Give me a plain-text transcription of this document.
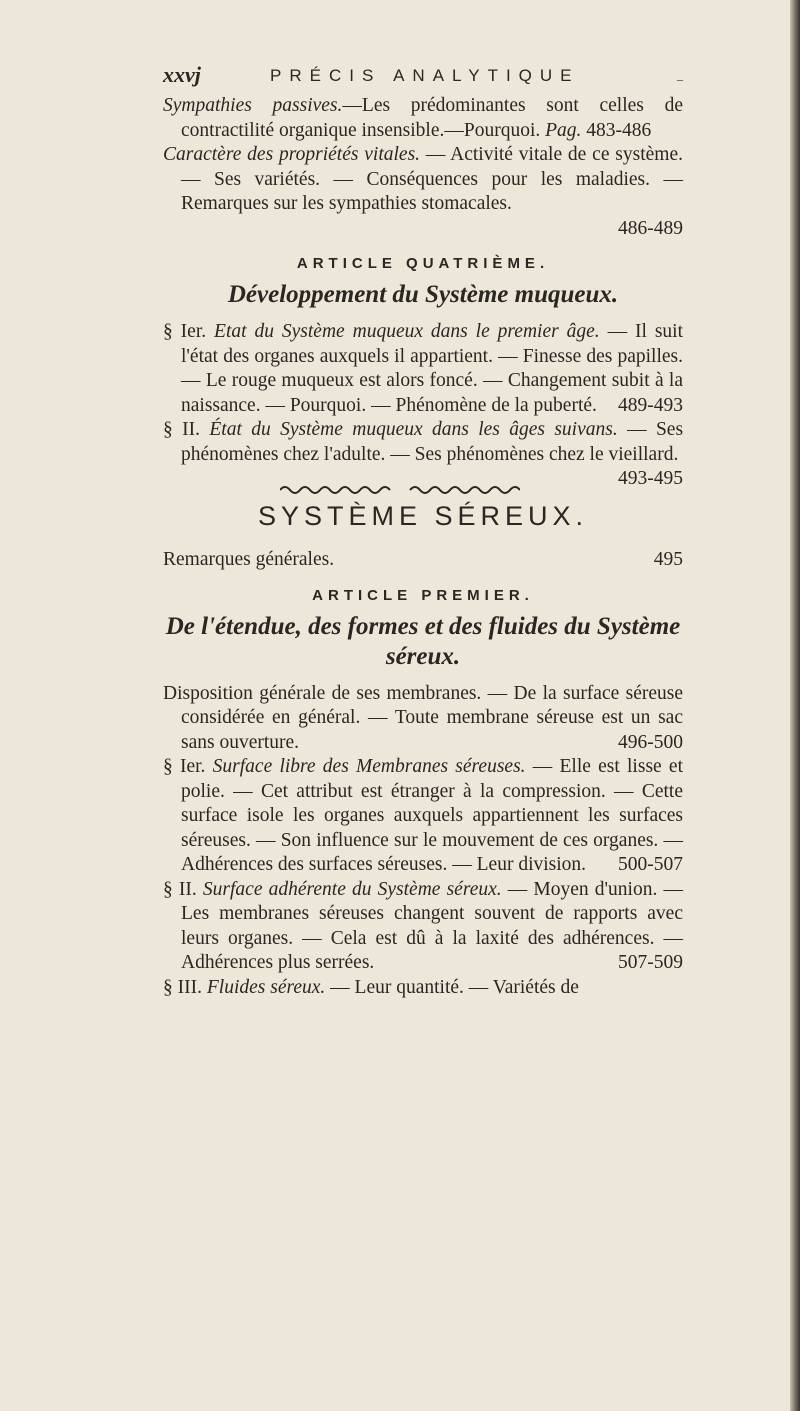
xxvj	PRÉCIS ANALYTIQUE	–

Sympathies passives.—Les prédominantes sont celles de contractilité organique insensible.—Pourquoi. Pag. 483-486

Caractère des propriétés vitales. — Activité vitale de ce système. — Ses variétés. — Conséquences pour les maladies. — Remarques sur les sympathies stomacales.

486-489
ARTICLE QUATRIÈME.
Développement du Système muqueux.

§ Ier. Etat du Système muqueux dans le premier âge. — Il suit l'état des organes auxquels il appartient. — Finesse des papilles. — Le rouge muqueux est alors foncé. — Changement subit à la naissance. — Pourquoi. — Phénomène de la puberté. 489-493

§ II. État du Système muqueux dans les âges suivans. — Ses phénomènes chez l'adulte. — Ses phénomènes chez le vieillard.
493-495

SYSTÈME SÉREUX.

Remarques générales.	495

ARTICLE PREMIER.
De l'étendue, des formes et des fluides du Système séreux.

Disposition générale de ses membranes. — De la surface séreuse considérée en général. — Toute membrane séreuse est un sac sans ouverture.	496-500

§ Ier. Surface libre des Membranes séreuses. — Elle est lisse et polie. — Cet attribut est étranger à la compression. — Cette surface isole les organes auxquels appartiennent les surfaces séreuses. — Son influence sur le mouvement de ces organes. — Adhérences des surfaces séreuses. — Leur division. 500-507

§ II. Surface adhérente du Système séreux. — Moyen d'union. — Les membranes séreuses changent souvent de rapports avec leurs organes. — Cela est dû à la laxité des adhérences. — Adhérences plus serrées.	507-509

§ III. Fluides séreux. — Leur quantité. — Variétés de
